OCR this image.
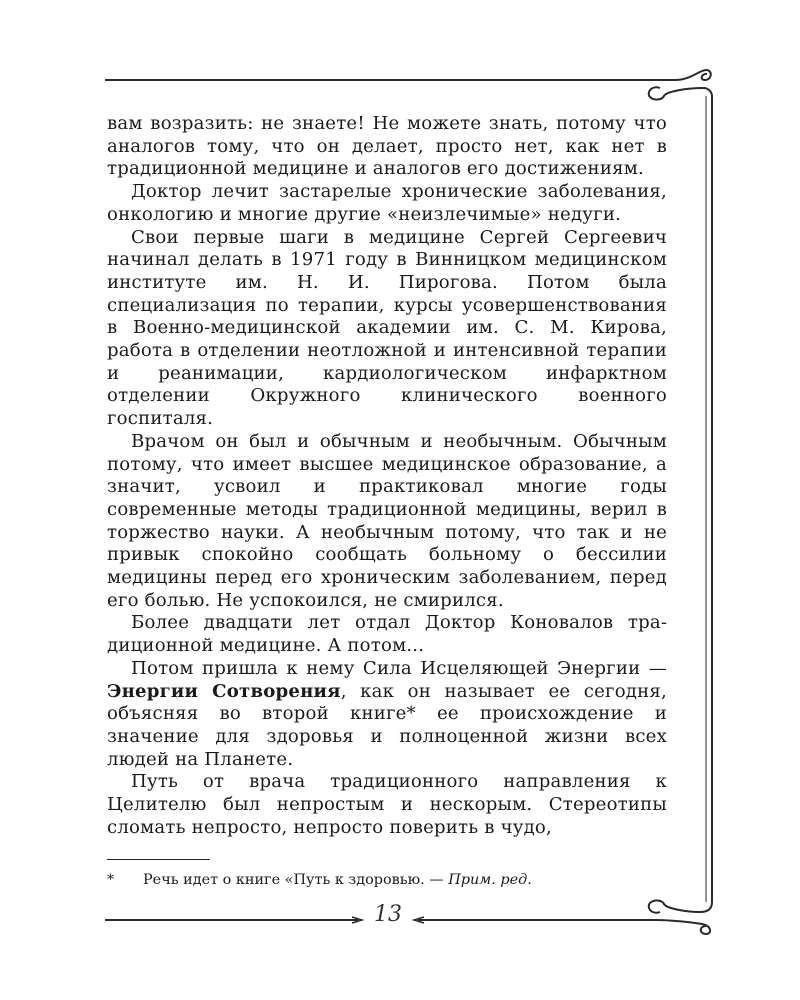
вам возразить: не знаете! Не можете знать, потому что аналогов тому, что он делает, просто нет, как нет в традиционной медицине и аналогов его достижениям.

Доктор лечит застарелые хронические заболевания, онкологию и многие другие «неизлечимые» недуги.

Свои первые шаги в медицине Сергей Сергеевич начинал делать в 1971 году в Винницком медицинском институте им. Н. И. Пирогова. Потом была специализация по терапии, курсы усовершенствования в Военно-медицинской академии им. С. М. Кирова, работа в отделении неотложной и интенсивной терапии и реанимации, кардиологическом инфарктном отделении Окружного клинического военного госпиталя.

Врачом он был и обычным и необычным. Обычным потому, что имеет высшее медицинское образование, а значит, усвоил и практиковал многие годы современные методы традиционной медицины, верил в торжество науки. А необычным потому, что так и не привык спокойно сообщать больному о бессилии медицины перед его хроническим заболеванием, перед его болью. Не успокоился, не смирился.

Более двадцати лет отдал Доктор Коновалов традиционной медицине. А потом...

Потом пришла к нему Сила Исцеляющей Энергии — Энергии Сотворения, как он называет ее сегодня, объясняя во второй книге* ее происхождение и значение для здоровья и полноценной жизни всех людей на Планете.

Путь от врача традиционного направления к Целителю был непростым и нескорым. Стереотипы сломать непросто, непросто поверить в чудо,

* Речь идет о книге «Путь к здоровью. — Прим. ред.
13
